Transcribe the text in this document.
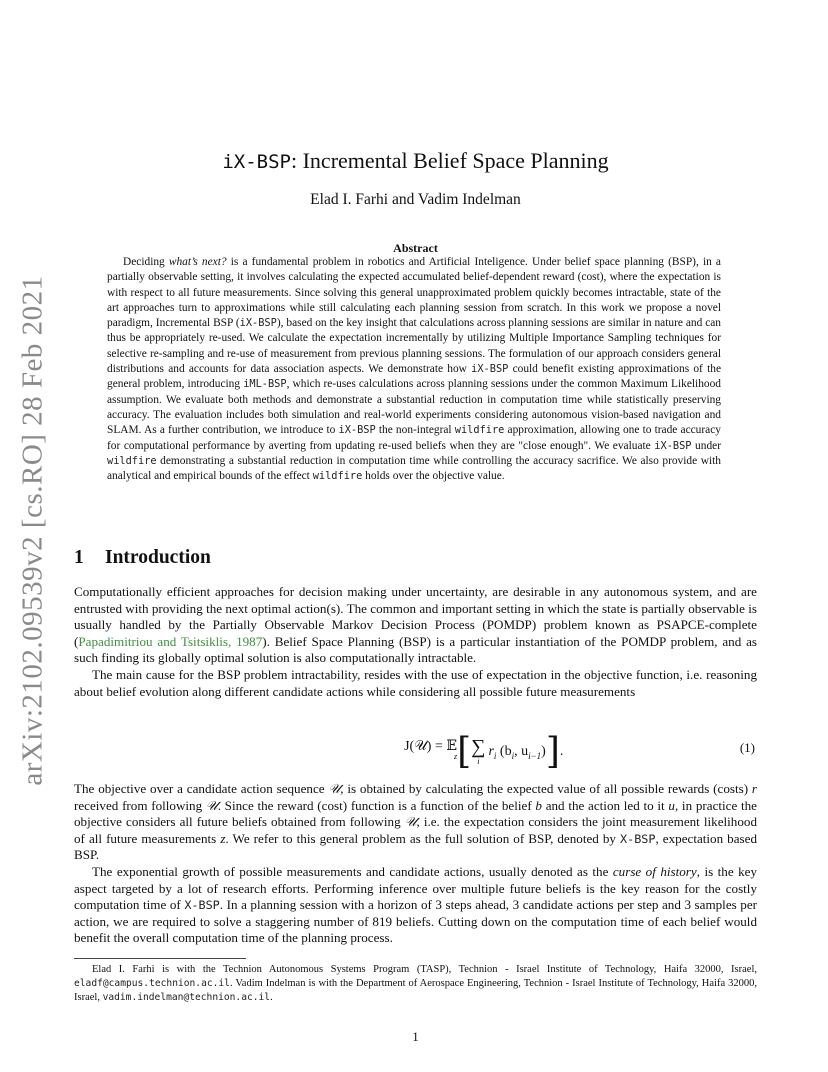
arXiv:2102.09539v2 [cs.RO] 28 Feb 2021
iX-BSP: Incremental Belief Space Planning
Elad I. Farhi and Vadim Indelman
Abstract
Deciding what’s next? is a fundamental problem in robotics and Artificial Inteligence. Under belief space planning (BSP), in a partially observable setting, it involves calculating the expected accumulated belief-dependent reward (cost), where the expectation is with respect to all future measurements. Since solving this general unapproximated problem quickly becomes intractable, state of the art approaches turn to approximations while still calculating each planning session from scratch. In this work we propose a novel paradigm, Incremental BSP (iX-BSP), based on the key insight that calculations across planning sessions are similar in nature and can thus be appropriately re-used. We calculate the expectation incrementally by utilizing Multiple Importance Sampling techniques for selective re-sampling and re-use of measurement from previous planning sessions. The formulation of our approach considers general distributions and accounts for data association aspects. We demonstrate how iX-BSP could benefit existing approximations of the general problem, introducing iML-BSP, which re-uses calculations across planning sessions under the common Maximum Likelihood assumption. We evaluate both methods and demonstrate a substantial reduction in computation time while statistically preserving accuracy. The evaluation includes both simulation and real-world experiments considering autonomous vision-based navigation and SLAM. As a further contribution, we introduce to iX-BSP the non-integral wildfire approximation, allowing one to trade accuracy for computational performance by averting from updating re-used beliefs when they are "close enough". We evaluate iX-BSP under wildfire demonstrating a substantial reduction in computation time while controlling the accuracy sacrifice. We also provide with analytical and empirical bounds of the effect wildfire holds over the objective value.
1 Introduction

Computationally efficient approaches for decision making under uncertainty, are desirable in any autonomous system, and are entrusted with providing the next optimal action(s). The common and important setting in which the state is partially observable is usually handled by the Partially Observable Markov Decision Process (POMDP) problem known as PSAPCE-complete (Papadimitriou and Tsitsiklis, 1987). Belief Space Planning (BSP) is a particular instantiation of the POMDP problem, and as such finding its globally optimal solution is also computationally intractable.

The main cause for the BSP problem intractability, resides with the use of expectation in the objective function, i.e. reasoning about belief evolution along different candidate actions while considering all possible future measurements

J(𝒰) = 𝔼
z [ ∑
i
$r_i$ ($b_i$, $u_{i-1}$) ] .	(1)

The objective over a candidate action sequence 𝒰, is obtained by calculating the expected value of all possible rewards (costs) r received from following 𝒰. Since the reward (cost) function is a function of the belief b and the action led to it u, in practice the objective considers all future beliefs obtained from following 𝒰, i.e. the expectation considers the joint measurement likelihood of all future measurements z. We refer to this general problem as the full solution of BSP, denoted by X-BSP, expectation based BSP.

The exponential growth of possible measurements and candidate actions, usually denoted as the curse of history, is the key aspect targeted by a lot of research efforts. Performing inference over multiple future beliefs is the key reason for the costly computation time of X-BSP. In a planning session with a horizon of 3 steps ahead, 3 candidate actions per step and 3 samples per action, we are required to solve a staggering number of 819 beliefs. Cutting down on the computation time of each belief would benefit the overall computation time of the planning process.

Elad I. Farhi is with the Technion Autonomous Systems Program (TASP), Technion - Israel Institute of Technology, Haifa 32000, Israel, eladf@campus.technion.ac.il. Vadim Indelman is with the Department of Aerospace Engineering, Technion - Israel Institute of Technology, Haifa 32000, Israel, vadim.indelman@technion.ac.il.
1
